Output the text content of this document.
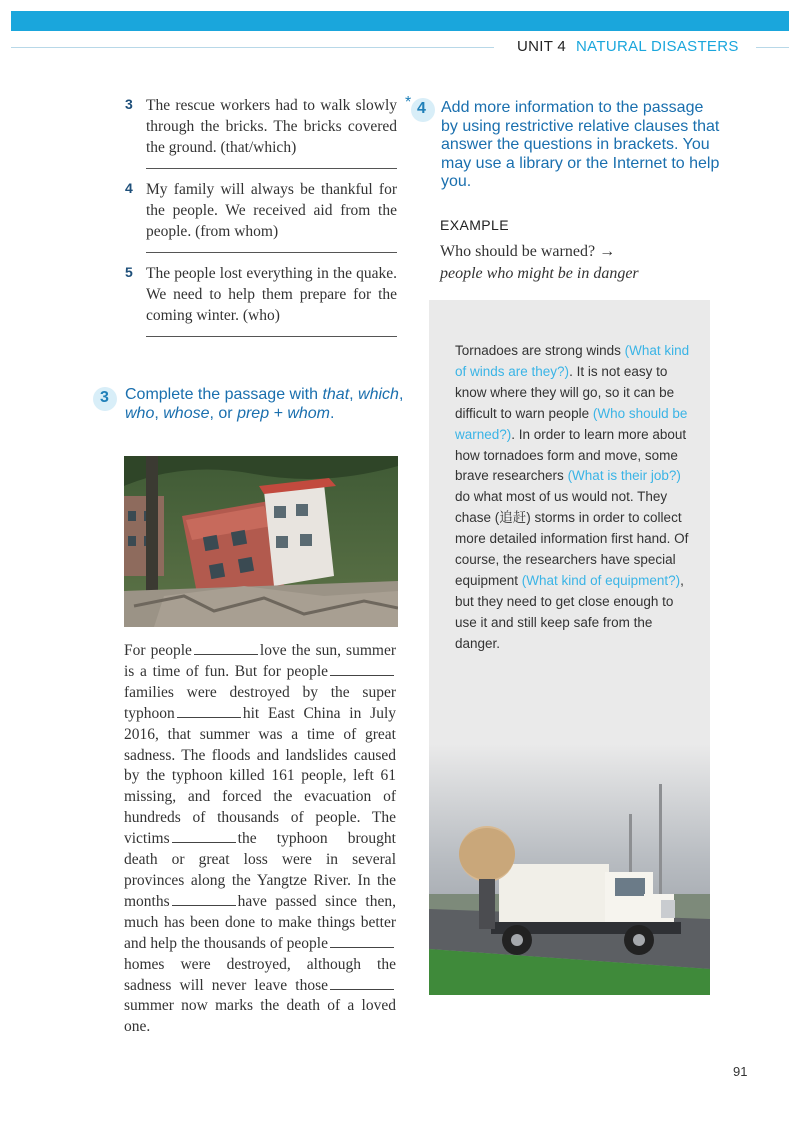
UNIT 4 NATURAL DISASTERS
3 The rescue workers had to walk slowly through the bricks. The bricks covered the ground. (that/which)
4 My family will always be thankful for the people. We received aid from the people. (from whom)
5 The people lost everything in the quake. We need to help them prepare for the coming winter. (who)
3 Complete the passage with that, which, who, whose, or prep + whom.
For people	love the sun, summer is a time of fun. But for peoplefamilies were destroyed by the super typhoon	hit East China in July 2016, that summer was a time of great sadness. The floods and landslides caused by the typhoon killed 161 people, left 61 missing, and forced the evacuation of hundreds of thousands of people. The victims	the typhoon brought death or great loss were in several provinces along the Yangtze River. In the months	have passed since then, much has been done to make things better and help the thousands of peoplehomes were destroyed, although the sadness will never leave thosesummer now marks the death of a loved one.
* 4 Add more information to the passage by using restrictive relative clauses that answer the questions in brackets. You may use a library or the Internet to help you.
EXAMPLE
Who should be warned? →
people who might be in danger
Tornadoes are strong winds (What kind of winds are they?). It is not easy to know where they will go, so it can be difficult to warn people (Who should be warned?). In order to learn more about how tornadoes form and move, some brave researchers (What is their job?) do what most of us would not. They chase (追赶) storms in order to collect more detailed information first hand. Of course, the researchers have special equipment (What kind of equipment?), but they need to get close enough to use it and still keep safe from the danger.
91
